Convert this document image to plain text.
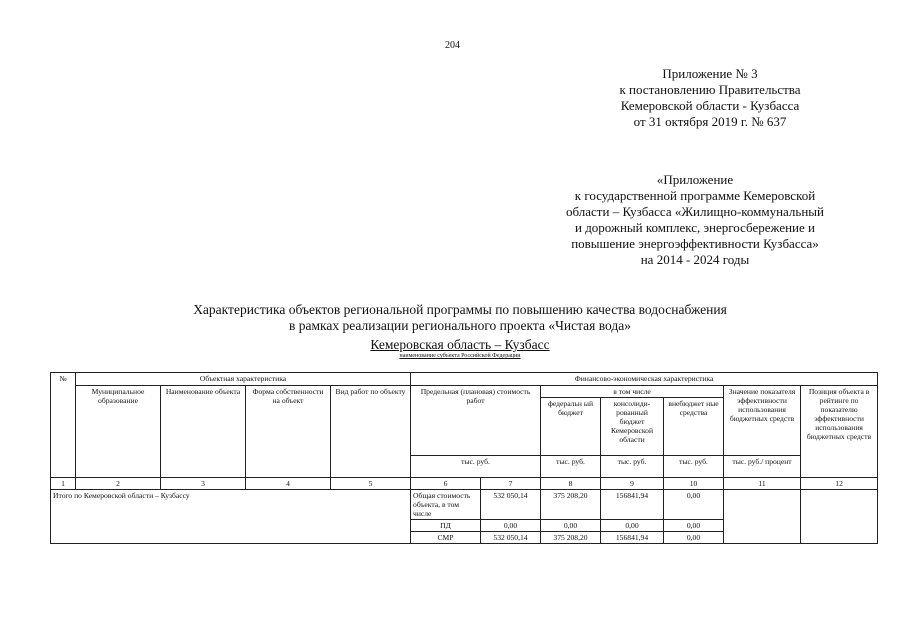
204
Приложение № 3
к постановлению Правительства
Кемеровской области - Кузбасса
от 31 октября 2019 г. № 637
«Приложение
к государственной программе Кемеровской
области – Кузбасса «Жилищно-коммунальный
и дорожный комплекс, энергосбережение и
повышение энергоэффективности Кузбасса»
на 2014 - 2024 годы
Характеристика объектов региональной программы по повышению качества водоснабжения
в рамках реализации регионального проекта «Чистая вода»
Кемеровская область – Кузбасс
наименование субъекта Российской Федерации
№	Объектная характеристика				Финансово-экономическая характеристика						
	Муниципальное образование	Наименование объекта	Форма собственности на объект	Вид работ по объекту	Предельная (плановая) стоимость работ		в том числе			Значение показателя эффективности использования бюджетных средств	Позиция объекта в рейтинге по показателю эффективности использования бюджетных средств
							федеральн ый бюджет	консолиди- рованный бюджет Кемеровской области	внебюджет ные средства		
					тыс. руб.		тыс. руб.	тыс. руб.	тыс. руб.	тыс. руб./ процент	
1	2	3	4	5	6	7	8	9	10	11	12
Итого по Кемеровской области – Кузбассу					Общая стоимость объекта, в том числе	532 050,14	375 208,20	156841,94	0,00		
					ПД	0,00	0,00	0,00	0,00		
					СМР	532 050,14	375 208,20	156841,94	0,00		
